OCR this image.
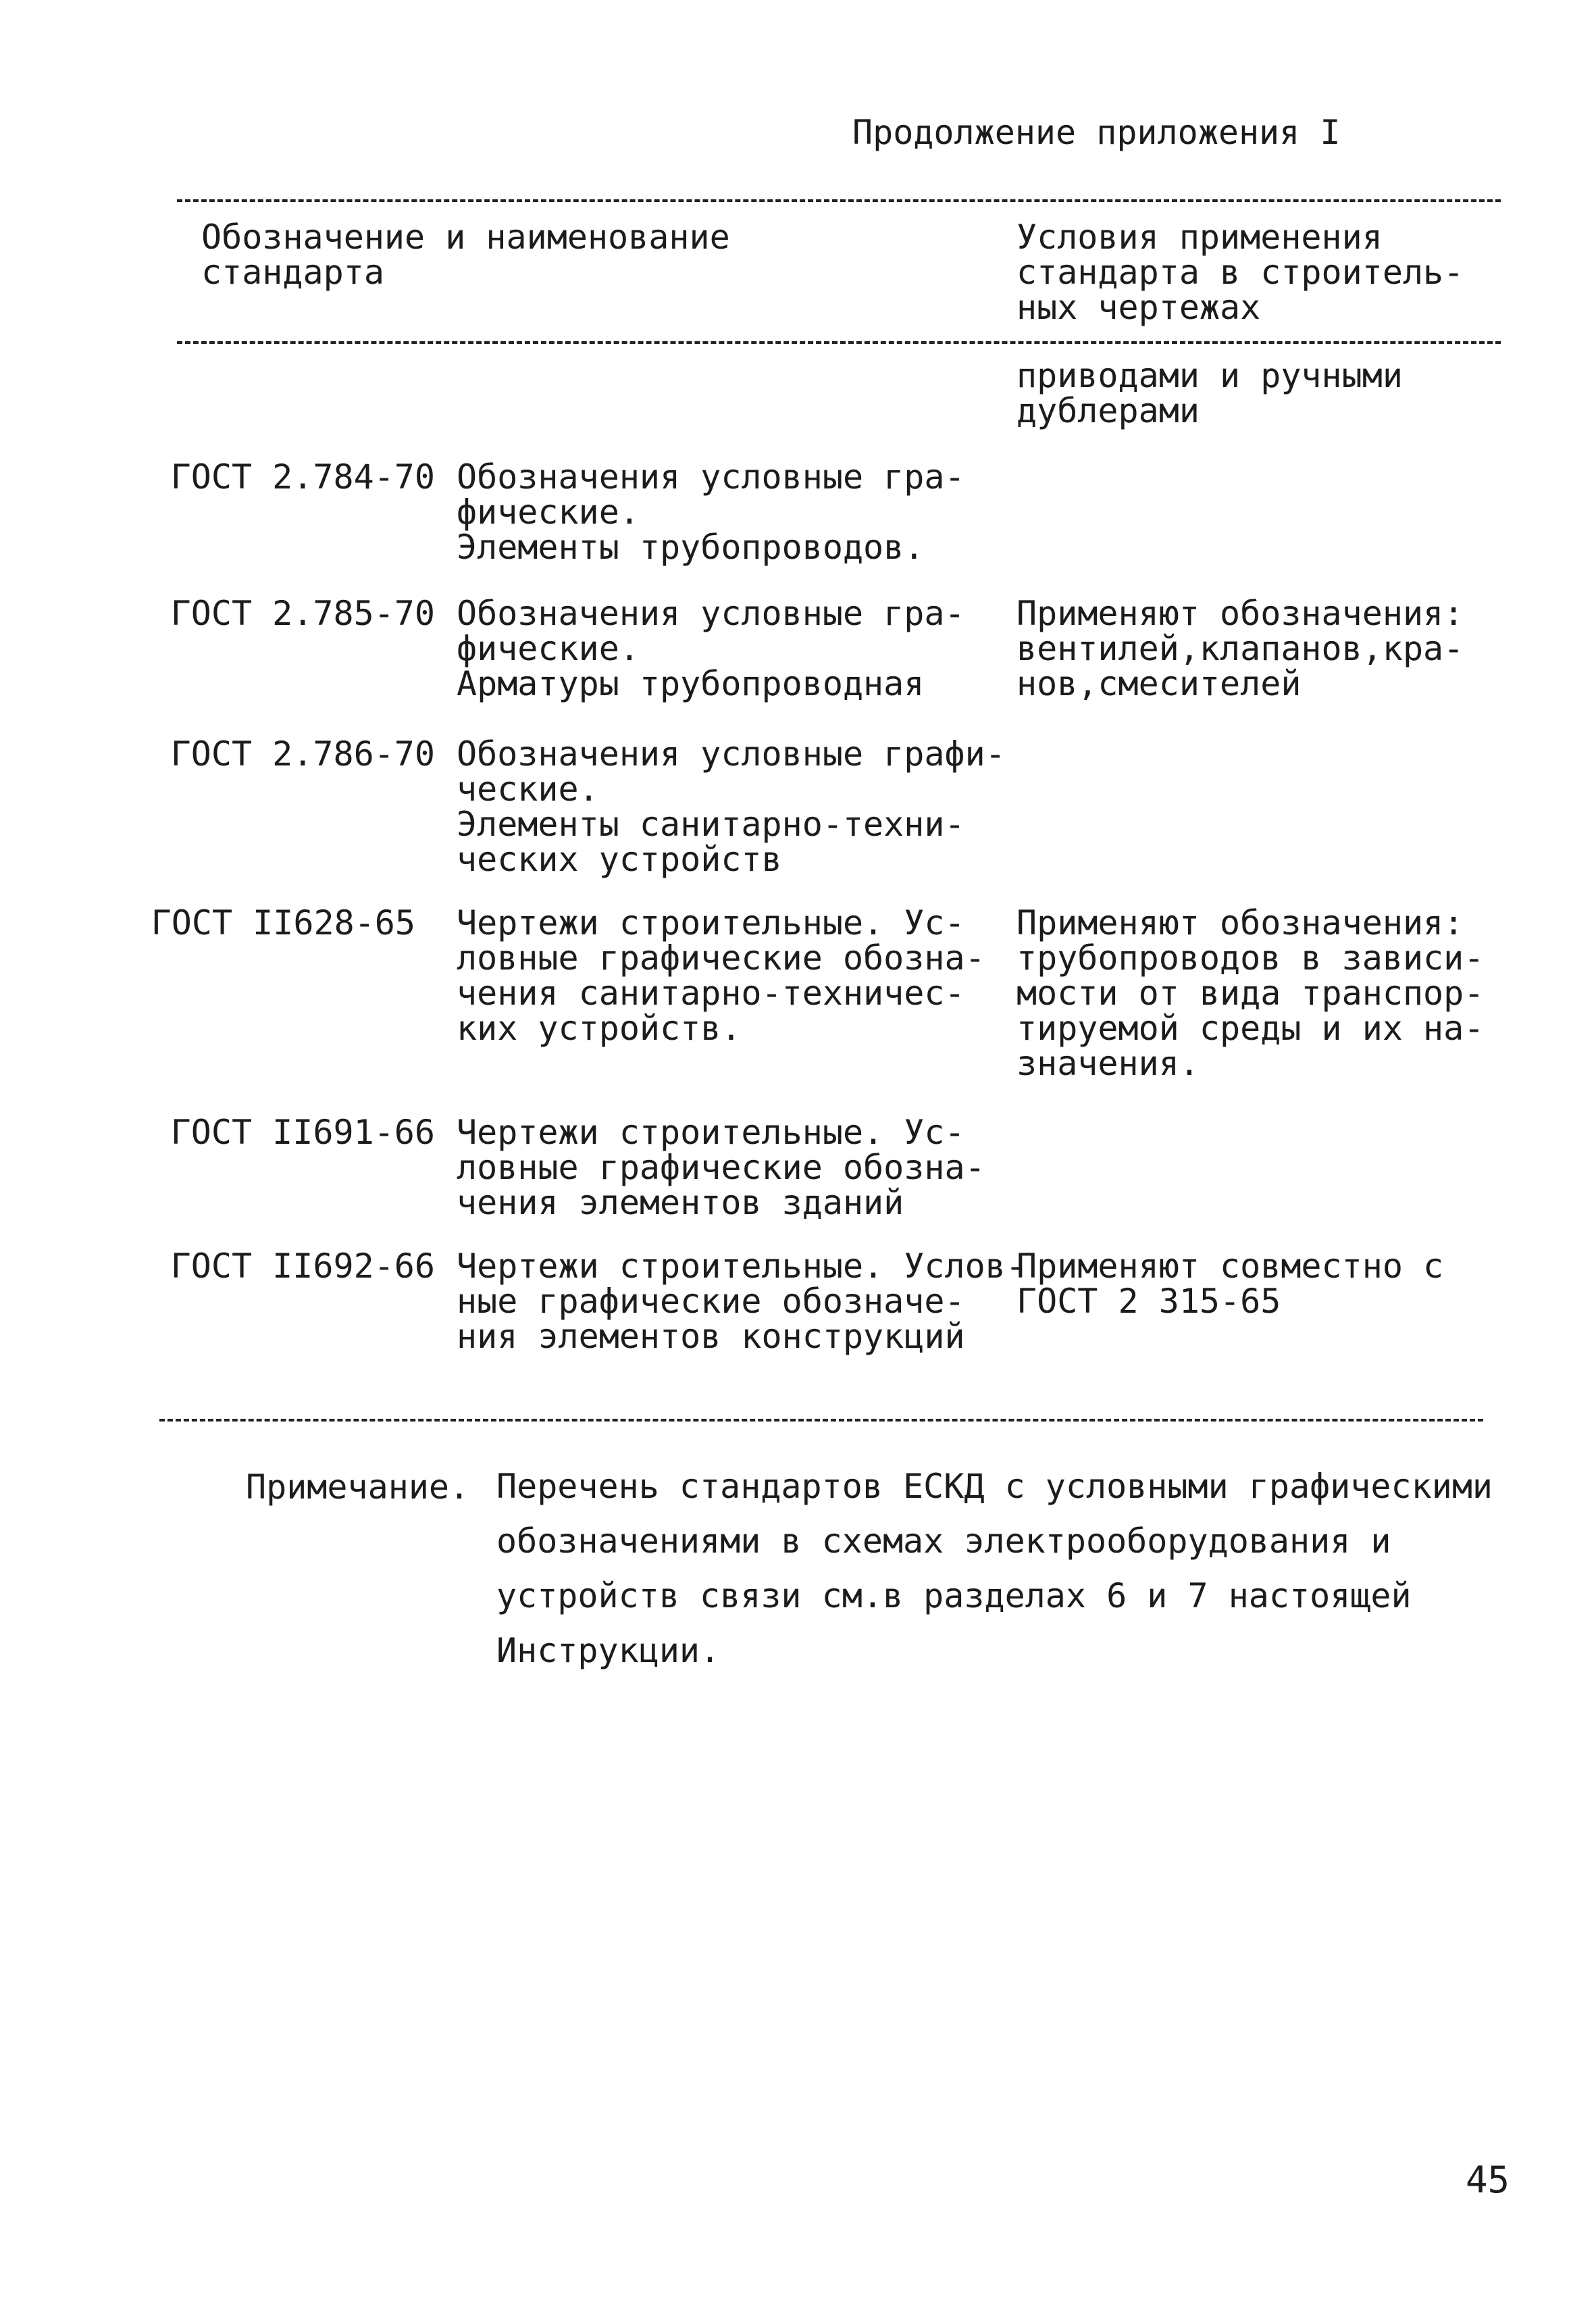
Продолжение приложения I
Обозначение и наименование
стандарта
Условия применения
стандарта в строитель-
ных чертежах
приводами и ручными
дублерами
ГОСТ 2.784-70 Обозначения условные гра-
фические.
Элементы трубопроводов.
ГОСТ 2.785-70 Обозначения условные гра-
фические.
Арматуры трубопроводная
Применяют обозначения:
вентилей,клапанов,кра-
нов,смесителей
ГОСТ 2.786-70 Обозначения условные графи-
ческие.
Элементы санитарно-техни-
ческих устройств
ГОСТ II628-65 Чертежи строительные. Ус-
ловные графические обозна-
чения санитарно-техничес-
ких устройств.
Применяют обозначения:
трубопроводов в зависи-
мости от вида транспор-
тируемой среды и их на-
значения.
ГОСТ II691-66 Чертежи строительные. Ус-
ловные графические обозна-
чения элементов зданий
ГОСТ II692-66 Чертежи строительные. Услов-
ные графические обозначе-
ния элементов конструкций
Применяют совместно с
ГОСТ 2 315-65
Примечание. Перечень стандартов ЕСКД с условными графическими
обозначениями в схемах электрооборудования и
устройств связи см.в разделах 6 и 7 настоящей
Инструкции.
45
